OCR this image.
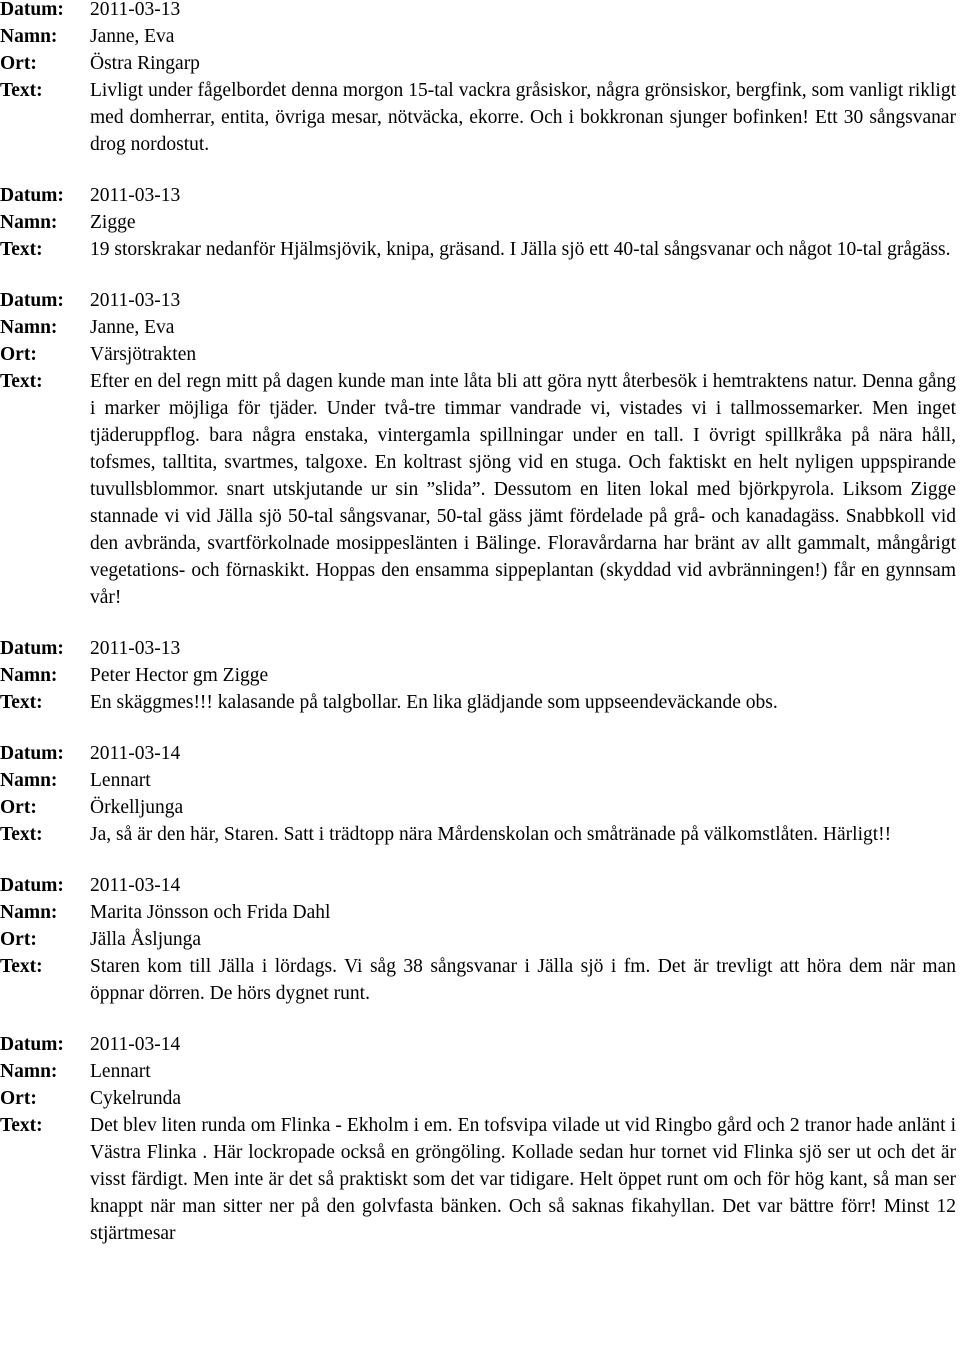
Datum:	2011-03-13
Namn:	Janne, Eva
Ort:	Östra Ringarp
Text:	Livligt under fågelbordet denna morgon 15-tal vackra gråsiskor, några grönsiskor, bergfink, som vanligt rikligt med domherrar, entita, övriga mesar, nötväcka, ekorre. Och i bokkronan sjunger bofinken! Ett 30 sångsvanar drog nordostut.
Datum:	2011-03-13
Namn:	Zigge
Text:	19 storskrakar nedanför Hjälmsjövik, knipa, gräsand. I Jälla sjö ett 40-tal sångsvanar och något 10-tal grågäss.
Datum:	2011-03-13
Namn:	Janne, Eva
Ort:	Värsjötrakten
Text:	Efter en del regn mitt på dagen kunde man inte låta bli att göra nytt återbesök i hemtraktens natur. Denna gång i marker möjliga för tjäder. Under två-tre timmar vandrade vi, vistades vi i tallmossemarker. Men inget tjäderuppflog. bara några enstaka, vintergamla spillningar under en tall. I övrigt spillkråka på nära håll, tofsmes, talltita, svartmes, talgoxe. En koltrast sjöng vid en stuga. Och faktiskt en helt nyligen uppspirande tuvullsblommor. snart utskjutande ur sin ”slida”. Dessutom en liten lokal med björkpyrola. Liksom Zigge stannade vi vid Jälla sjö 50-tal sångsvanar, 50-tal gäss jämt fördelade på grå- och kanadagäss. Snabbkoll vid den avbrända, svartförkolnade mosippeslänten i Bälinge. Floravårdarna har bränt av allt gammalt, mångårigt vegetations- och förnaskikt. Hoppas den ensamma sippeplantan (skyddad vid avbränningen!) får en gynnsam vår!
Datum:	2011-03-13
Namn:	Peter Hector gm Zigge
Text:	En skäggmes!!! kalasande på talgbollar. En lika glädjande som uppseendeväckande obs.
Datum:	2011-03-14
Namn:	Lennart
Ort:	Örkelljunga
Text:	Ja, så är den här, Staren. Satt i trädtopp nära Mårdenskolan och småtränade på välkomstlåten. Härligt!!
Datum:	2011-03-14
Namn:	Marita Jönsson och Frida Dahl
Ort:	Jälla Åsljunga
Text:	Staren kom till Jälla i lördags. Vi såg 38 sångsvanar i Jälla sjö i fm. Det är trevligt att höra dem när man öppnar dörren. De hörs dygnet runt.
Datum:	2011-03-14
Namn:	Lennart
Ort:	Cykelrunda
Text:	Det blev liten runda om Flinka - Ekholm i em. En tofsvipa vilade ut vid Ringbo gård och 2 tranor hade anlänt i Västra Flinka . Här lockropade också en gröngöling. Kollade sedan hur tornet vid Flinka sjö ser ut och det är visst färdigt. Men inte är det så praktiskt som det var tidigare. Helt öppet runt om och för hög kant, så man ser knappt när man sitter ner på den golvfasta bänken. Och så saknas fikahyllan. Det var bättre förr! Minst 12 stjärtmesar
